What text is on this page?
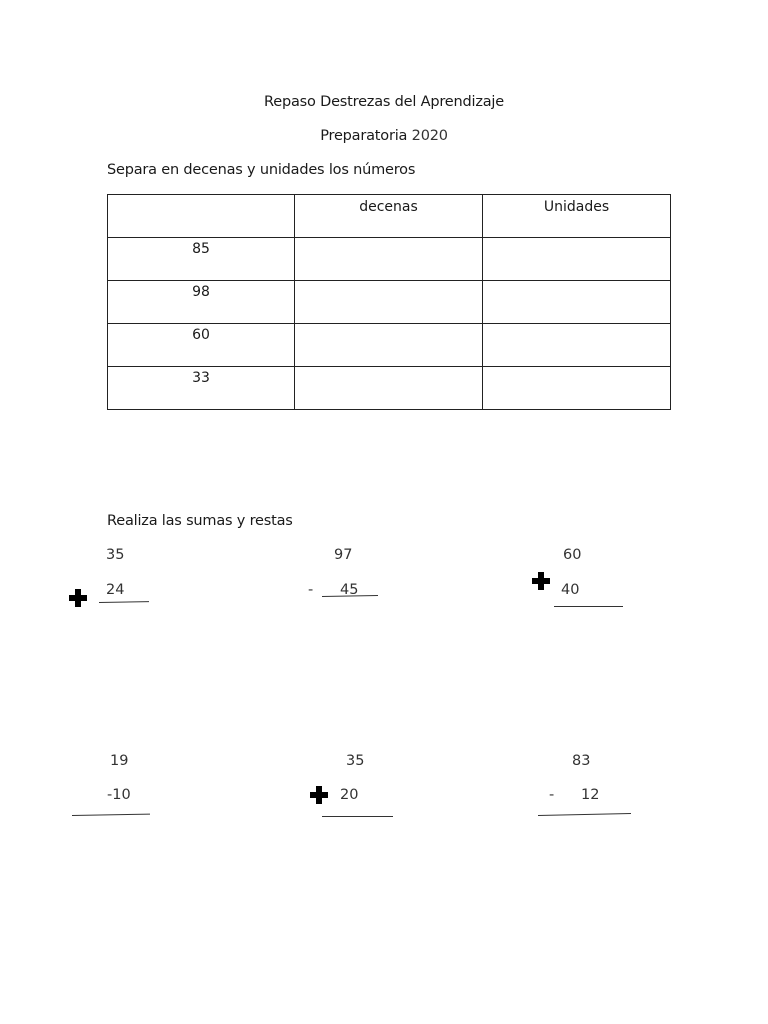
Repaso Destrezas del Aprendizaje
Preparatoria 2020
Separa en decenas y unidades los números

	decenas	Unidades

85		

98		

60		

33		

Realiza las sumas y restas
35
24
97
- 45
60
40
19
-10
35
20
83
- 12
